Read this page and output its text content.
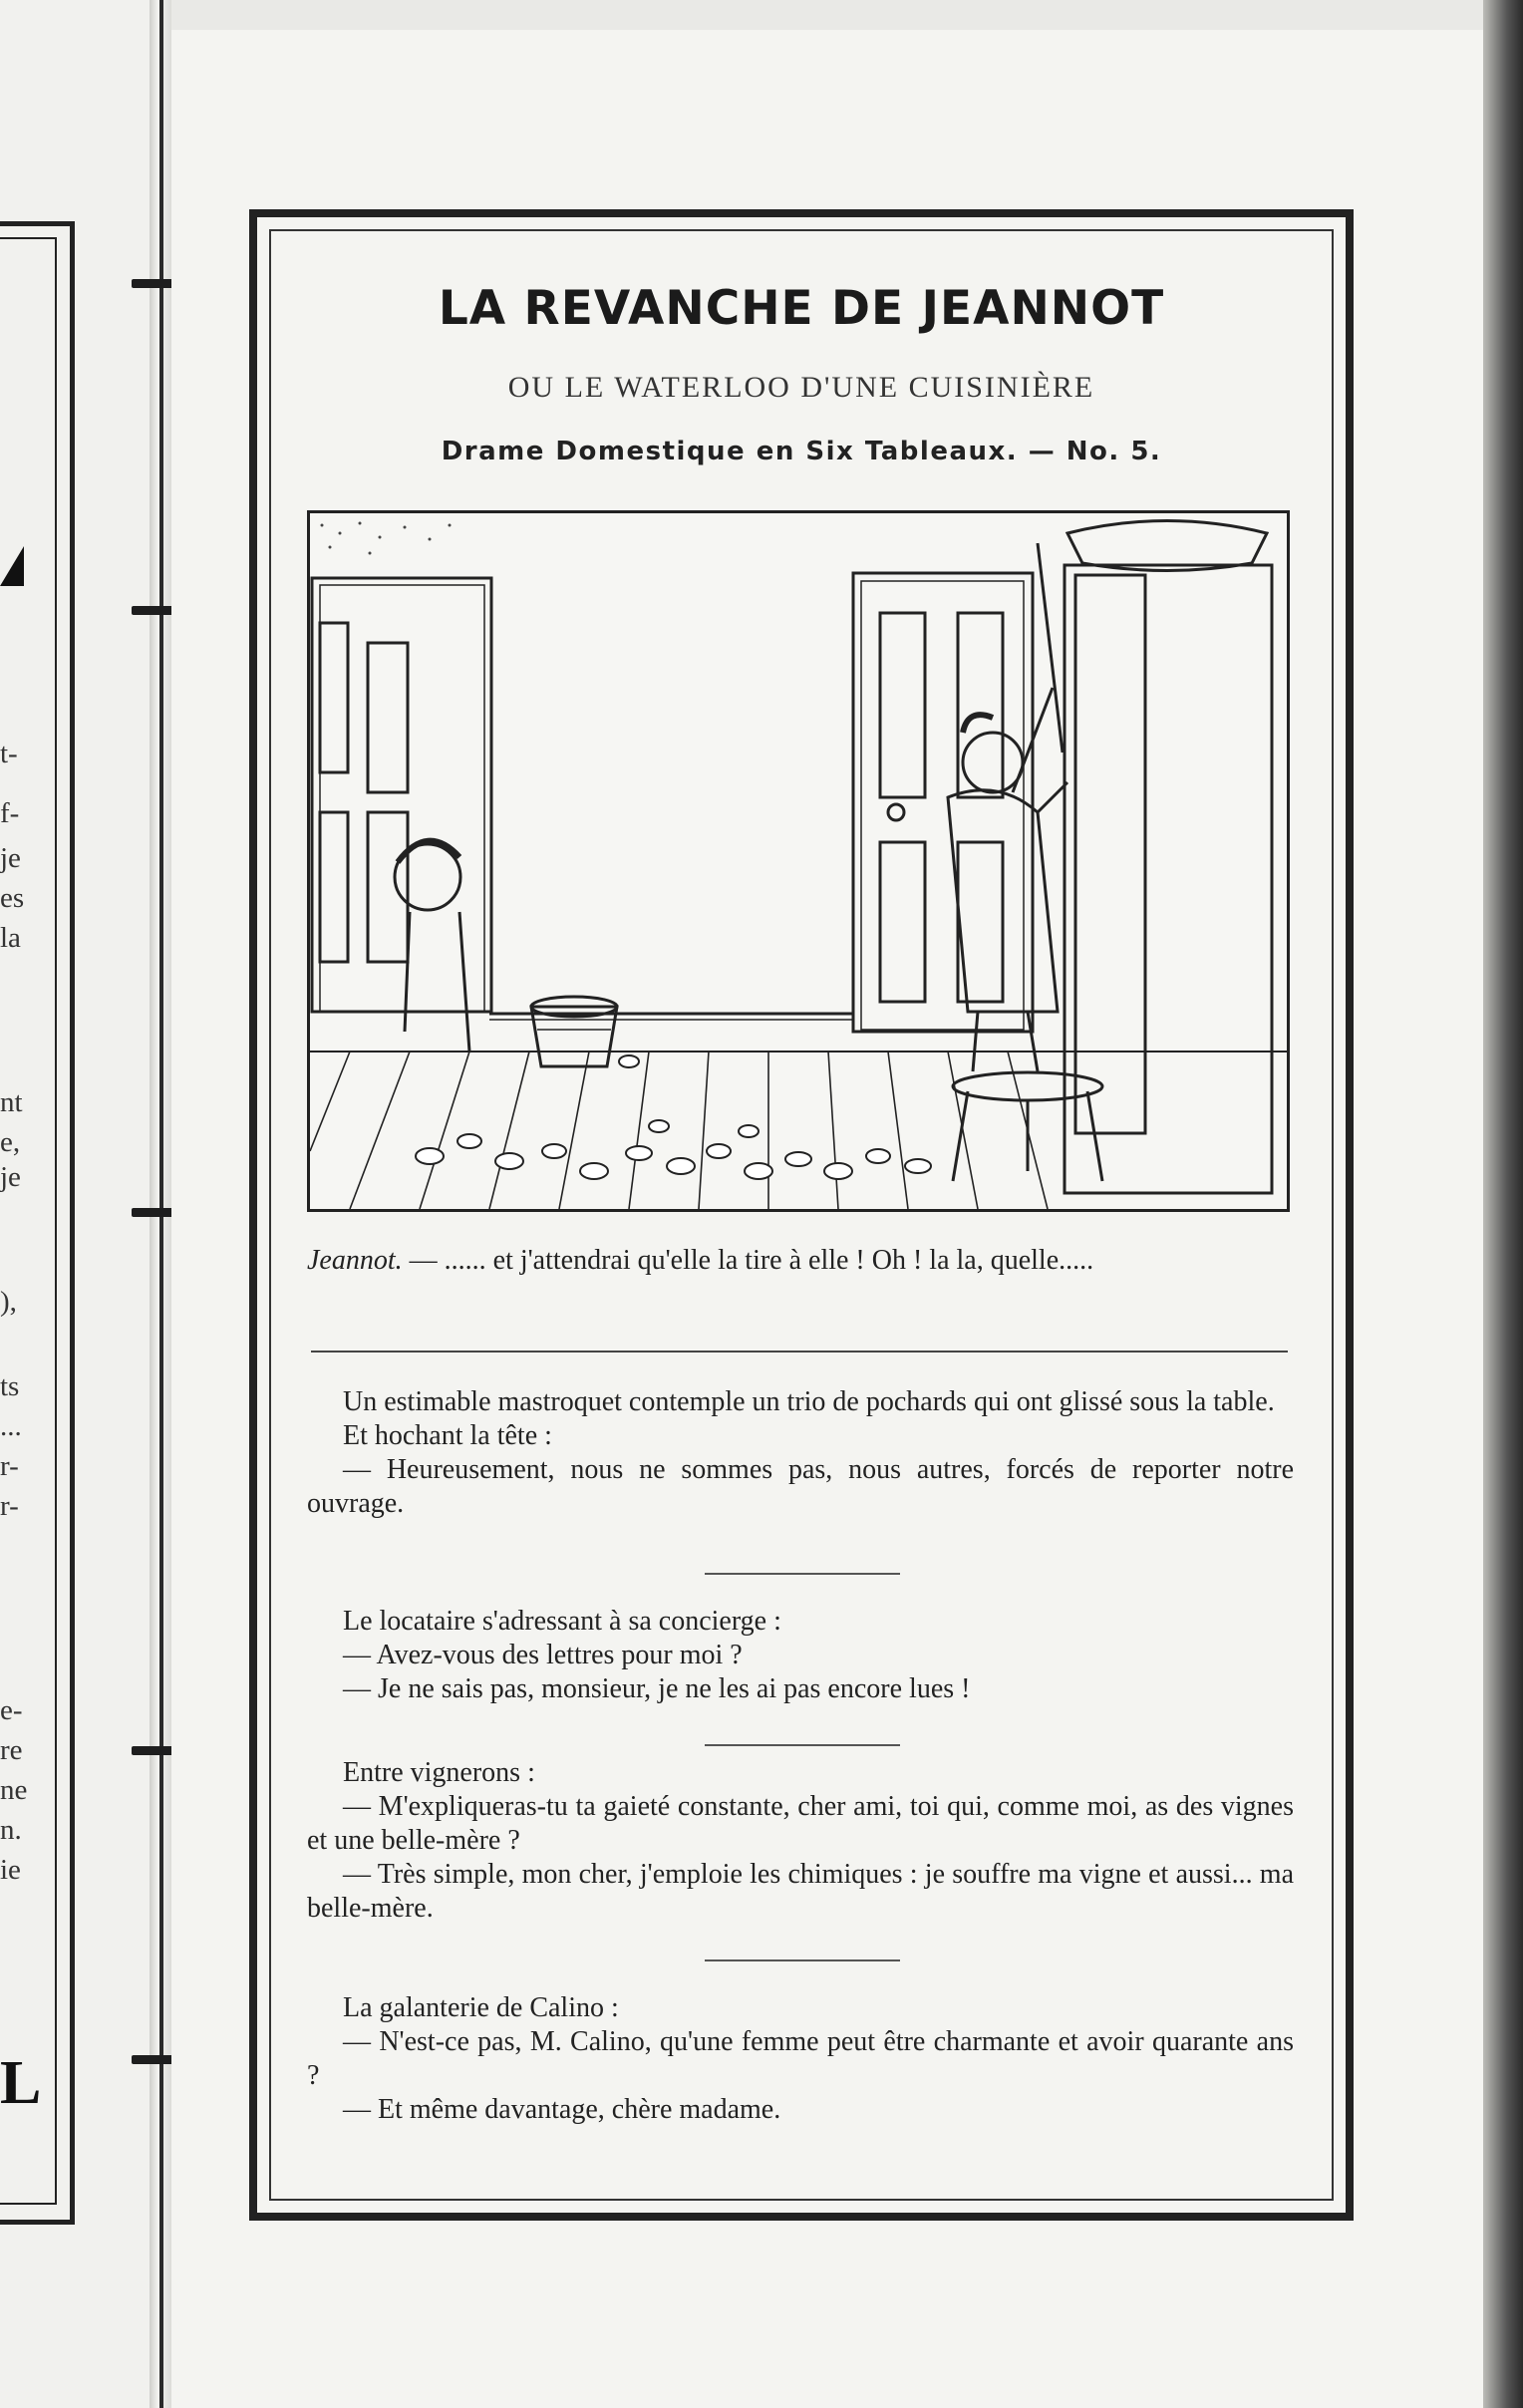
t-
f-
je
es
la
nt
e,
je
),
ts
...
r-
r-
e-
re
ne
n.
ie
L
LA REVANCHE DE JEANNOT
OU LE WATERLOO D'UNE CUISINIÈRE
Drame Domestique en Six Tableaux. — No. 5.
Jeannot. — ...... et j'attendrai qu'elle la tire à elle ! Oh ! la la, quelle.....

Un estimable mastroquet contemple un trio de pochards qui ont glissé sous la table.

Et hochant la tête :

— Heureusement, nous ne sommes pas, nous autres, forcés de reporter notre ouvrage.

Le locataire s'adressant à sa concierge :

— Avez-vous des lettres pour moi ?

— Je ne sais pas, monsieur, je ne les ai pas encore lues !

Entre vignerons :

— M'expliqueras-tu ta gaieté constante, cher ami, toi qui, comme moi, as des vignes et une belle-mère ?

— Très simple, mon cher, j'emploie les chimiques : je souffre ma vigne et aussi... ma belle-mère.

La galanterie de Calino :

— N'est-ce pas, M. Calino, qu'une femme peut être charmante et avoir quarante ans ?

— Et même davantage, chère madame.
